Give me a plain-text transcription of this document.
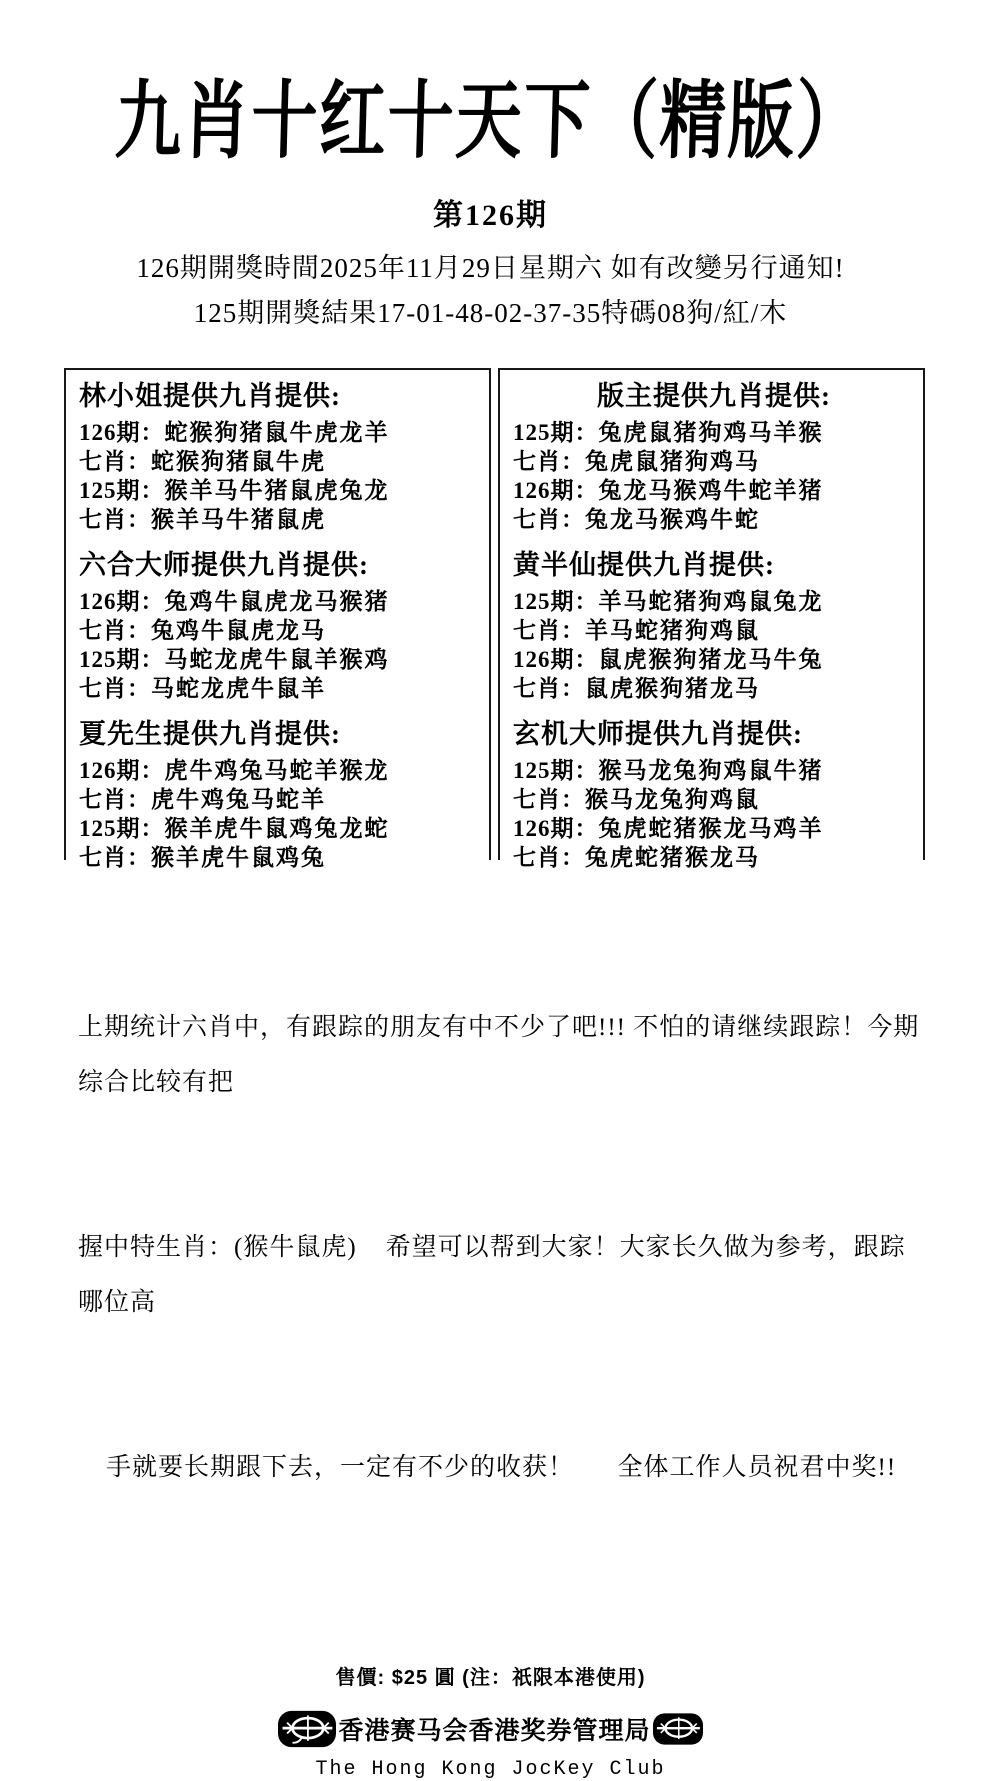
九肖十红十天下（精版）
第126期
126期開獎時間2025年11月29日星期六 如有改變另行通知!
125期開獎結果17-01-48-02-37-35特碼08狗/紅/木
林小姐提供九肖提供:
126期：蛇猴狗猪鼠牛虎龙羊
七肖：蛇猴狗猪鼠牛虎
125期：猴羊马牛猪鼠虎兔龙
七肖：猴羊马牛猪鼠虎
六合大师提供九肖提供:
126期：兔鸡牛鼠虎龙马猴猪
七肖：兔鸡牛鼠虎龙马
125期：马蛇龙虎牛鼠羊猴鸡
七肖：马蛇龙虎牛鼠羊
夏先生提供九肖提供:
126期：虎牛鸡兔马蛇羊猴龙
七肖：虎牛鸡兔马蛇羊
125期：猴羊虎牛鼠鸡兔龙蛇
七肖：猴羊虎牛鼠鸡兔
版主提供九肖提供:
125期：兔虎鼠猪狗鸡马羊猴
七肖：兔虎鼠猪狗鸡马
126期：兔龙马猴鸡牛蛇羊猪
七肖：兔龙马猴鸡牛蛇
黄半仙提供九肖提供:
125期：羊马蛇猪狗鸡鼠兔龙
七肖：羊马蛇猪狗鸡鼠
126期：鼠虎猴狗猪龙马牛兔
七肖：鼠虎猴狗猪龙马
玄机大师提供九肖提供:
125期：猴马龙兔狗鸡鼠牛猪
七肖：猴马龙兔狗鸡鼠
126期：兔虎蛇猪猴龙马鸡羊
七肖：兔虎蛇猪猴龙马

上期统计六肖中，有跟踪的朋友有中不少了吧!!! 不怕的请继续跟踪！今期综合比较有把

握中特生肖：(猴牛鼠虎)    希望可以帮到大家！大家长久做为参考，跟踪哪位高

手就要长期跟下去，一定有不少的收获！      全体工作人员祝君中奖!!

售價: $25 圓 (注：祇限本港使用)
香港赛马会香港奖券管理局
The Hong Kong JocKey Club
